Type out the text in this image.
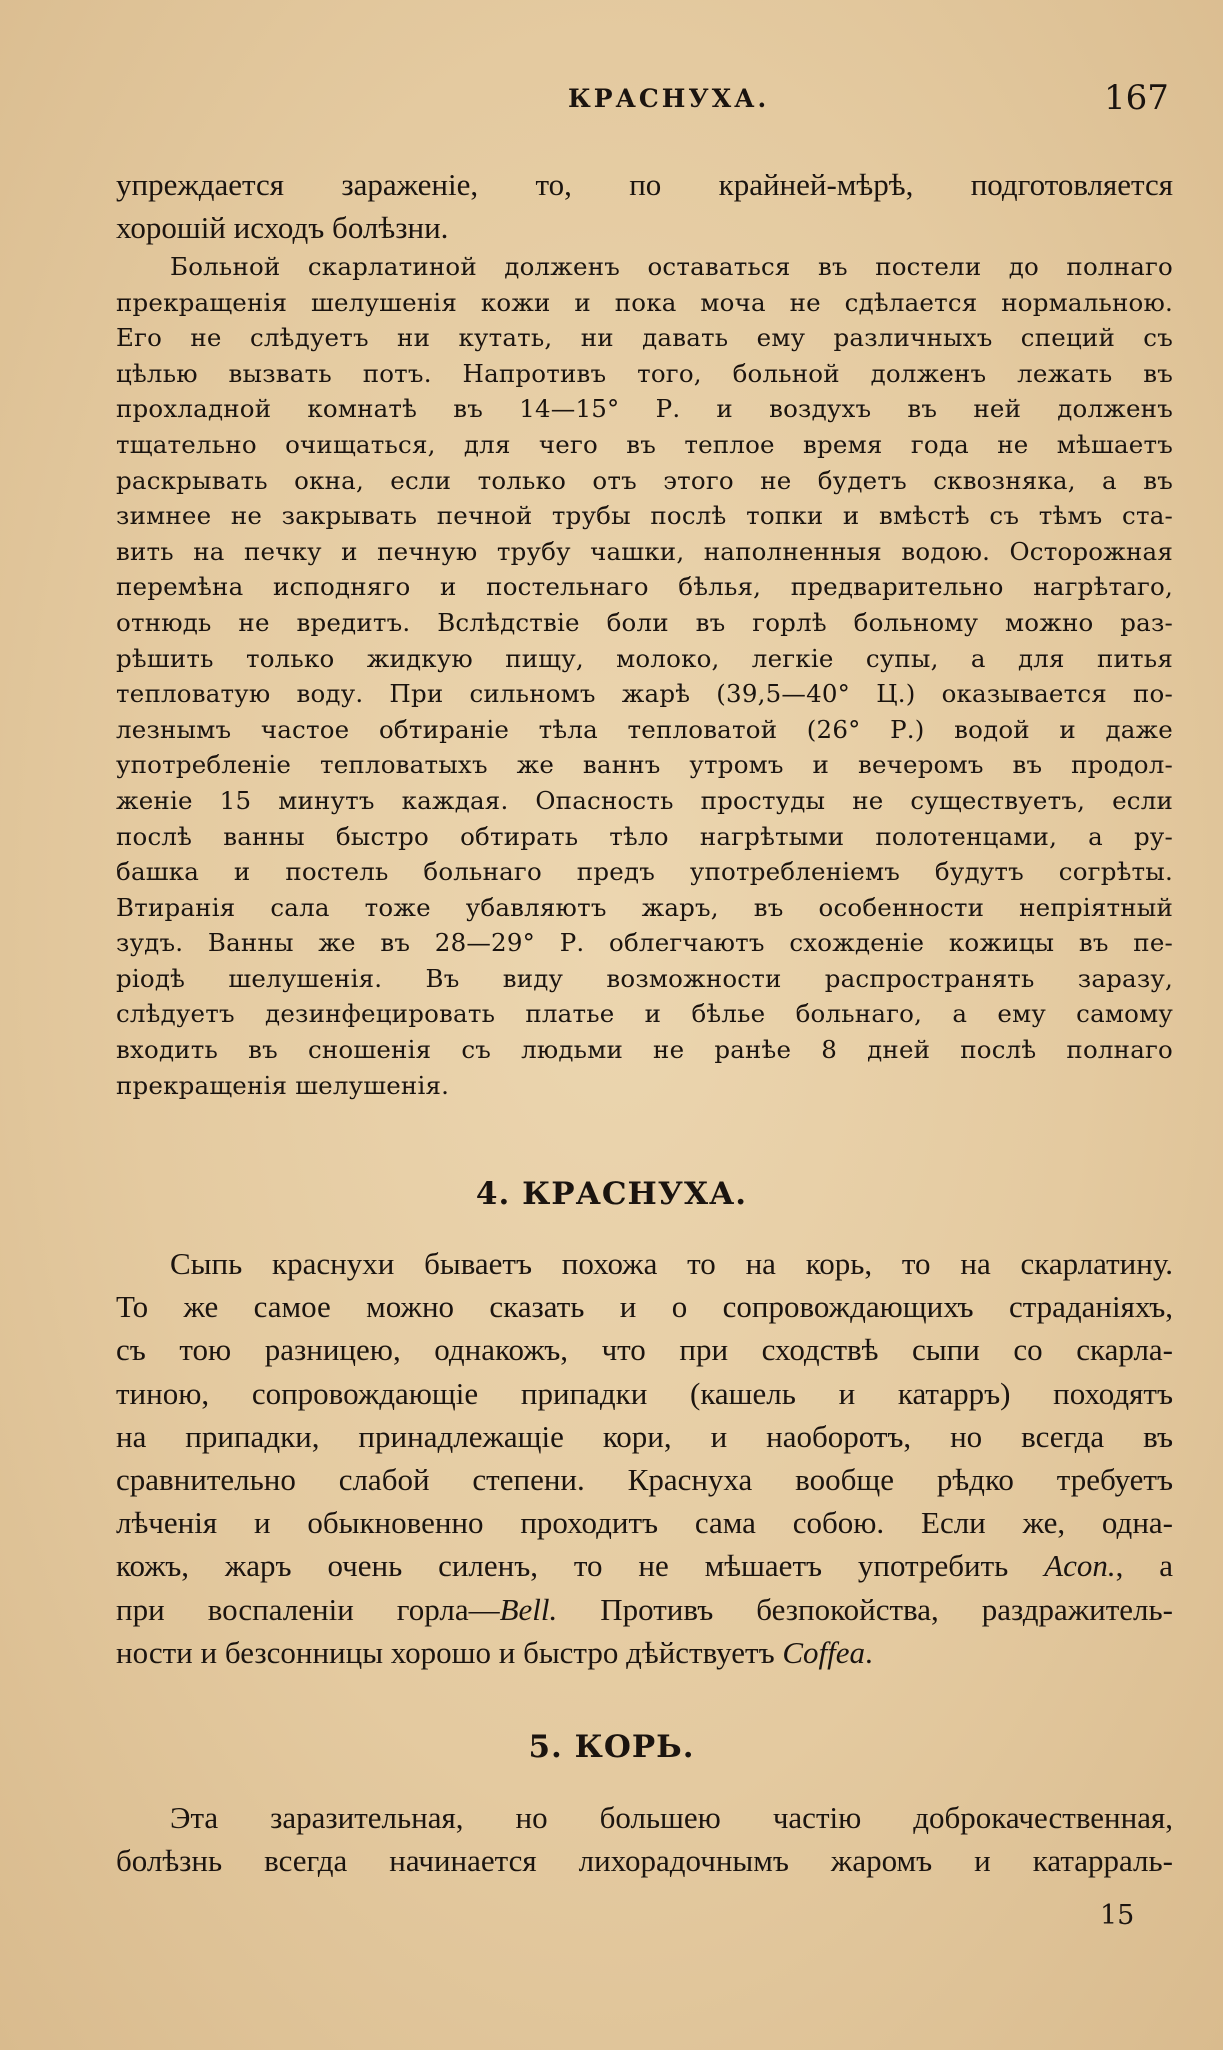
КРАСНУХА.	167
упреждается зараженіе, то, по крайней-мѣрѣ, подготовляется
хорошій исходъ болѣзни.
Больной скарлатиной долженъ оставаться въ постели до полнаго
прекращенія шелушенія кожи и пока моча не сдѣлается нормальною.
Его не слѣдуетъ ни кутать, ни давать ему различныхъ специй съ
цѣлью вызвать потъ. Напротивъ того, больной долженъ лежать въ
прохладной комнатѣ въ 14—15° Р. и воздухъ въ ней долженъ
тщательно очищаться, для чего въ теплое время года не мѣшаетъ
раскрывать окна, если только отъ этого не будетъ сквозняка, а въ
зимнее не закрывать печной трубы послѣ топки и вмѣстѣ съ тѣмъ ста-
вить на печку и печную трубу чашки, наполненныя водою. Осторожная
перемѣна исподняго и постельнаго бѣлья, предварительно нагрѣтаго,
отнюдь не вредитъ. Вслѣдствіе боли въ горлѣ больному можно раз-
рѣшить только жидкую пищу, молоко, легкіе супы, а для питья
тепловатую воду. При сильномъ жарѣ (39,5—40° Ц.) оказывается по-
лезнымъ частое обтираніе тѣла тепловатой (26° Р.) водой и даже
употребленіе тепловатыхъ же ваннъ утромъ и вечеромъ въ продол-
женіе 15 минутъ каждая. Опасность простуды не существуетъ, если
послѣ ванны быстро обтирать тѣло нагрѣтыми полотенцами, а ру-
башка и постель больнаго предъ употребленіемъ будутъ согрѣты.
Втиранія сала тоже убавляютъ жаръ, въ особенности непріятный
зудъ. Ванны же въ 28—29° Р. облегчаютъ схожденіе кожицы въ пе-
ріодѣ шелушенія. Въ виду возможности распространять заразу,
слѣдуетъ дезинфецировать платье и бѣлье больнаго, а ему самому
входить въ сношенія съ людьми не ранѣе 8 дней послѣ полнаго
прекращенія шелушенія.
4. КРАСНУХА.
Сыпь краснухи бываетъ похожа то на корь, то на скарлатину.
То же самое можно сказать и о сопровождающихъ страданіяхъ,
съ тою разницею, однакожъ, что при сходствѣ сыпи со скарла-
тиною, сопровождающіе припадки (кашель и катарръ) походятъ
на припадки, принадлежащіе кори, и наоборотъ, но всегда въ
сравнительно слабой степени. Краснуха вообще рѣдко требуетъ
лѣченія и обыкновенно проходитъ сама собою. Если же, одна-
кожъ, жаръ очень силенъ, то не мѣшаетъ употребить Acon., а
при воспаленіи горла—Bell. Противъ безпокойства, раздражитель-
ности и безсонницы хорошо и быстро дѣйствуетъ Coffea.
5. КОРЬ.
Эта заразительная, но большею частію доброкачественная,
болѣзнь всегда начинается лихорадочнымъ жаромъ и катарраль-
15
